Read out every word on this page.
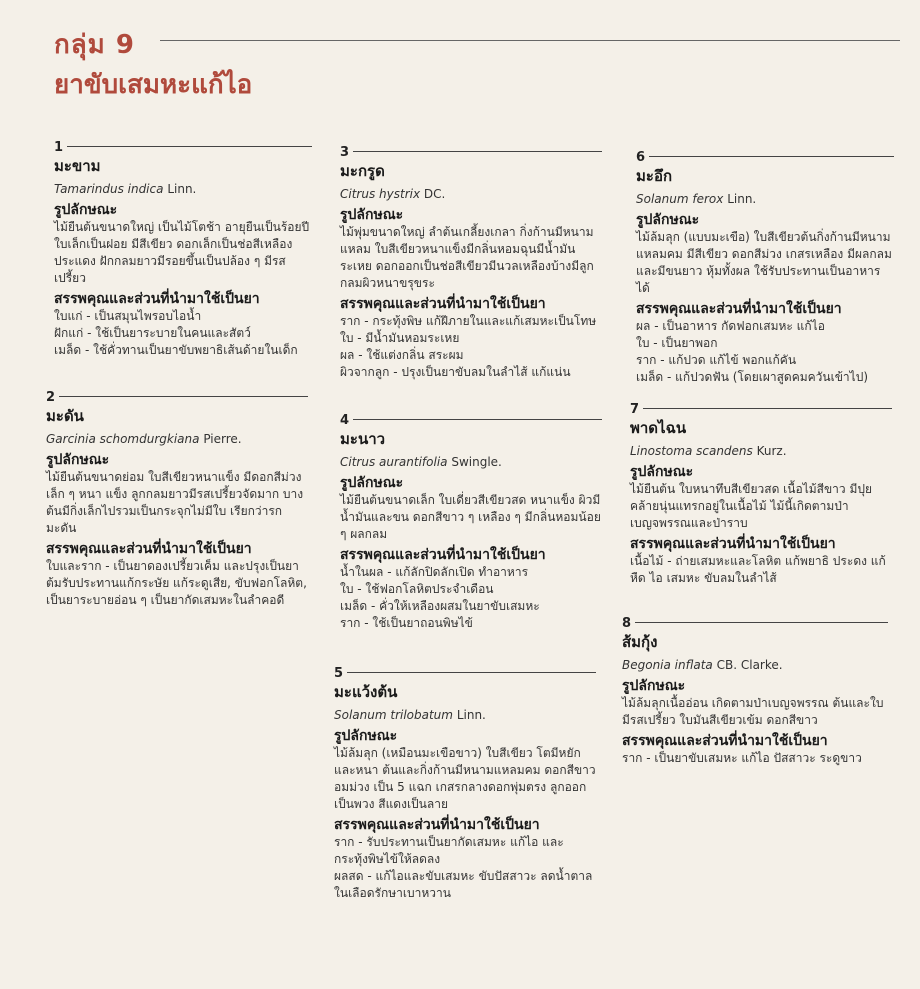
กลุ่ม 9
ยาขับเสมหะแก้ไอ
1
มะขาม
Tamarindus indica Linn.
รูปลักษณะ
ไม้ยืนต้นขนาดใหญ่ เป็นไม้โตช้า อายุยืนเป็นร้อยปี ใบเล็กเป็นฝอย มีสีเขียว ดอกเล็กเป็นช่อสีเหลือง ประแดง ฝักกลมยาวมีรอยขึ้นเป็นปล้อง ๆ มีรสเปรี้ยว
สรรพคุณและส่วนที่นำมาใช้เป็นยา
ใบแก่ - เป็นสมุนไพรอบไอน้ำ
ฝักแก่ - ใช้เป็นยาระบายในคนและสัตว์
เมล็ด - ใช้คั่วทานเป็นยาขับพยาธิเส้นด้ายในเด็ก
2
มะดัน
Garcinia schomdurgkiana Pierre.
รูปลักษณะ
ไม้ยืนต้นขนาดย่อม ใบสีเขียวหนาแข็ง มีดอกสีม่วงเล็ก ๆ หนา แข็ง ลูกกลมยาวมีรสเปรี้ยวจัดมาก บางต้นมีกิ่งเล็กไปรวมเป็นกระจุกไม่มีใบ เรียกว่ารกมะดัน
สรรพคุณและส่วนที่นำมาใช้เป็นยา
ใบและราก - เป็นยาดองเปรี้ยวเค็ม และปรุงเป็นยาต้มรับประทานแก้กระษัย แก้ระดูเสีย, ขับฟอกโลหิต, เป็นยาระบายอ่อน ๆ เป็นยากัดเสมหะในลำคอดี
3
มะกรูด
Citrus hystrix DC.
รูปลักษณะ
ไม้พุ่มขนาดใหญ่ ลำต้นเกลี้ยงเกลา กิ่งก้านมีหนามแหลม ใบสีเขียวหนาแข็งมีกลิ่นหอมฉุนมีน้ำมันระเหย ดอกออกเป็นช่อสีเขียวมีนวลเหลืองบ้างมีลูกกลมผิวหนาขรุขระ
สรรพคุณและส่วนที่นำมาใช้เป็นยา
ราก - กระทุ้งพิษ แก้ฝีภายในและแก้เสมหะเป็นโทษ
ใบ - มีน้ำมันหอมระเหย
ผล - ใช้แต่งกลิ่น สระผม
ผิวจากลูก - ปรุงเป็นยาขับลมในลำไส้ แก้แน่น
4
มะนาว
Citrus aurantifolia Swingle.
รูปลักษณะ
ไม้ยืนต้นขนาดเล็ก ใบเดี่ยวสีเขียวสด หนาแข็ง ผิวมีน้ำมันและขน ดอกสีขาว ๆ เหลือง ๆ มีกลิ่นหอมน้อย ๆ ผลกลม
สรรพคุณและส่วนที่นำมาใช้เป็นยา
น้ำในผล - แก้ลักปิดลักเปิด ทำอาหาร
ใบ - ใช้ฟอกโลหิตประจำเดือน
เมล็ด - คั่วให้เหลืองผสมในยาขับเสมหะ
ราก - ใช้เป็นยาถอนพิษไข้
5
มะแว้งต้น
Solanum trilobatum Linn.
รูปลักษณะ
ไม้ล้มลุก (เหมือนมะเขือขาว) ใบสีเขียว โตมีหยักและหนา ต้นและกิ่งก้านมีหนามแหลมคม ดอกสีขาวอมม่วง เป็น 5 แฉก เกสรกลางดอกพุ่มตรง ลูกออกเป็นพวง สีแดงเป็นลาย
สรรพคุณและส่วนที่นำมาใช้เป็นยา
ราก - รับประทานเป็นยากัดเสมหะ แก้ไอ และกระทุ้งพิษไข้ให้ลดลง
ผลสด - แก้ไอและขับเสมหะ ขับปัสสาวะ ลดน้ำตาลในเลือดรักษาเบาหวาน
6
มะอึก
Solanum ferox Linn.
รูปลักษณะ
ไม้ล้มลุก (แบบมะเขือ) ใบสีเขียวต้นกิ่งก้านมีหนามแหลมคม มีสีเขียว ดอกสีม่วง เกสรเหลือง มีผลกลมและมีขนยาว หุ้มทั้งผล ใช้รับประทานเป็นอาหารได้
สรรพคุณและส่วนที่นำมาใช้เป็นยา
ผล - เป็นอาหาร กัดฟอกเสมหะ แก้ไอ
ใบ - เป็นยาพอก
ราก - แก้ปวด แก้ไข้ พอกแก้คัน
เมล็ด - แก้ปวดฟัน (โดยเผาสูดคมควันเข้าไป)
7
พาดไฉน
Linostoma scandens Kurz.
รูปลักษณะ
ไม้ยืนต้น ใบหนาทึบสีเขียวสด เนื้อไม้สีขาว มีปุยคล้ายนุ่นแทรกอยู่ในเนื้อไม้ ไม้นี้เกิดตามป่าเบญจพรรณและป่าราบ
สรรพคุณและส่วนที่นำมาใช้เป็นยา
เนื้อไม้ - ถ่ายเสมหะและโลหิต แก้พยาธิ ประดง แก้หืด ไอ เสมหะ ขับลมในลำไส้
8
ส้มกุ้ง
Begonia inflata CB. Clarke.
รูปลักษณะ
ไม้ล้มลุกเนื้ออ่อน เกิดตามป่าเบญจพรรณ ต้นและใบมีรสเปรี้ยว ใบมันสีเขียวเข้ม ดอกสีขาว
สรรพคุณและส่วนที่นำมาใช้เป็นยา
ราก - เป็นยาขับเสมหะ แก้ไอ ปัสสาวะ ระดูขาว
